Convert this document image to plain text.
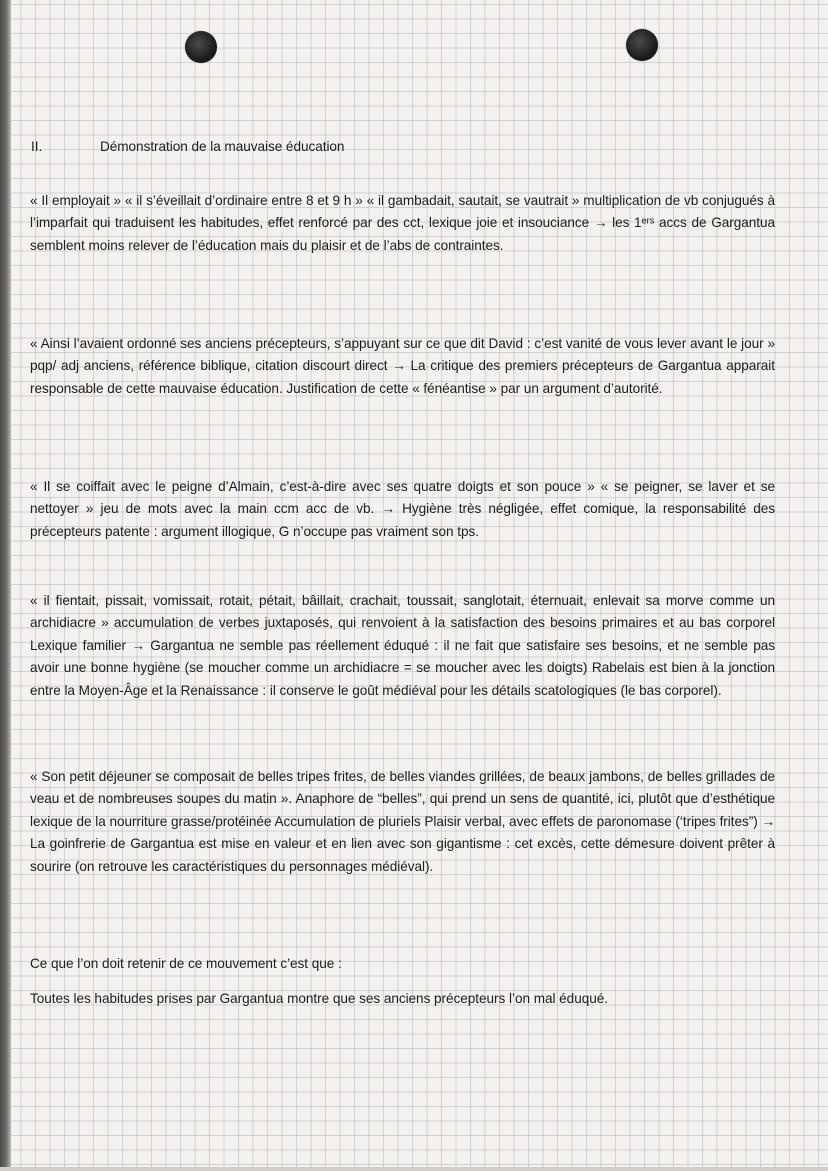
II.	Démonstration de la mauvaise éducation

« Il employait » « il s’éveillait d’ordinaire entre 8 et 9 h » « il gambadait, sautait, se vautrait » multiplication de vb conjugués à l’imparfait qui traduisent les habitudes, effet renforcé par des cct, lexique joie et insouciance → les 1ᵉʳˢ accs de Gargantua semblent moins relever de l’éducation mais du plaisir et de l’abs de contraintes.

« Ainsi l’avaient ordonné ses anciens précepteurs, s’appuyant sur ce que dit David : c’est vanité de vous lever avant le jour » pqp/ adj anciens, référence biblique, citation discourt direct → La critique des premiers précepteurs de Gargantua apparait responsable de cette mauvaise éducation. Justification de cette « fénéantise » par un argument d’autorité.

« Il se coiffait avec le peigne d’Almain, c’est-à-dire avec ses quatre doigts et son pouce » « se peigner, se laver et se nettoyer » jeu de mots avec la main ccm acc de vb. → Hygiène très négligée, effet comique, la responsabilité des précepteurs patente : argument illogique, G n’occupe pas vraiment son tps.

« il fientait, pissait, vomissait, rotait, pétait, bâillait, crachait, toussait, sanglotait, éternuait, enlevait sa morve comme un archidiacre » accumulation de verbes juxtaposés, qui renvoient à la satisfaction des besoins primaires et au bas corporel Lexique familier → Gargantua ne semble pas réellement éduqué : il ne fait que satisfaire ses besoins, et ne semble pas avoir une bonne hygiène (se moucher comme un archidiacre = se moucher avec les doigts) Rabelais est bien à la jonction entre la Moyen-Âge et la Renaissance : il conserve le goût médiéval pour les détails scatologiques (le bas corporel).

« Son petit déjeuner se composait de belles tripes frites, de belles viandes grillées, de beaux jambons, de belles grillades de veau et de nombreuses soupes du matin ». Anaphore de “belles”, qui prend un sens de quantité, ici, plutôt que d’esthétique lexique de la nourriture grasse/protéinée Accumulation de pluriels Plaisir verbal, avec effets de paronomase (‘tripes frites”) → La goinfrerie de Gargantua est mise en valeur et en lien avec son gigantisme : cet excès, cette démesure doivent prêter à sourire (on retrouve les caractéristiques du personnages médiéval).

Ce que l’on doit retenir de ce mouvement c’est que :

Toutes les habitudes prises par Gargantua montre que ses anciens précepteurs l’on mal éduqué.
